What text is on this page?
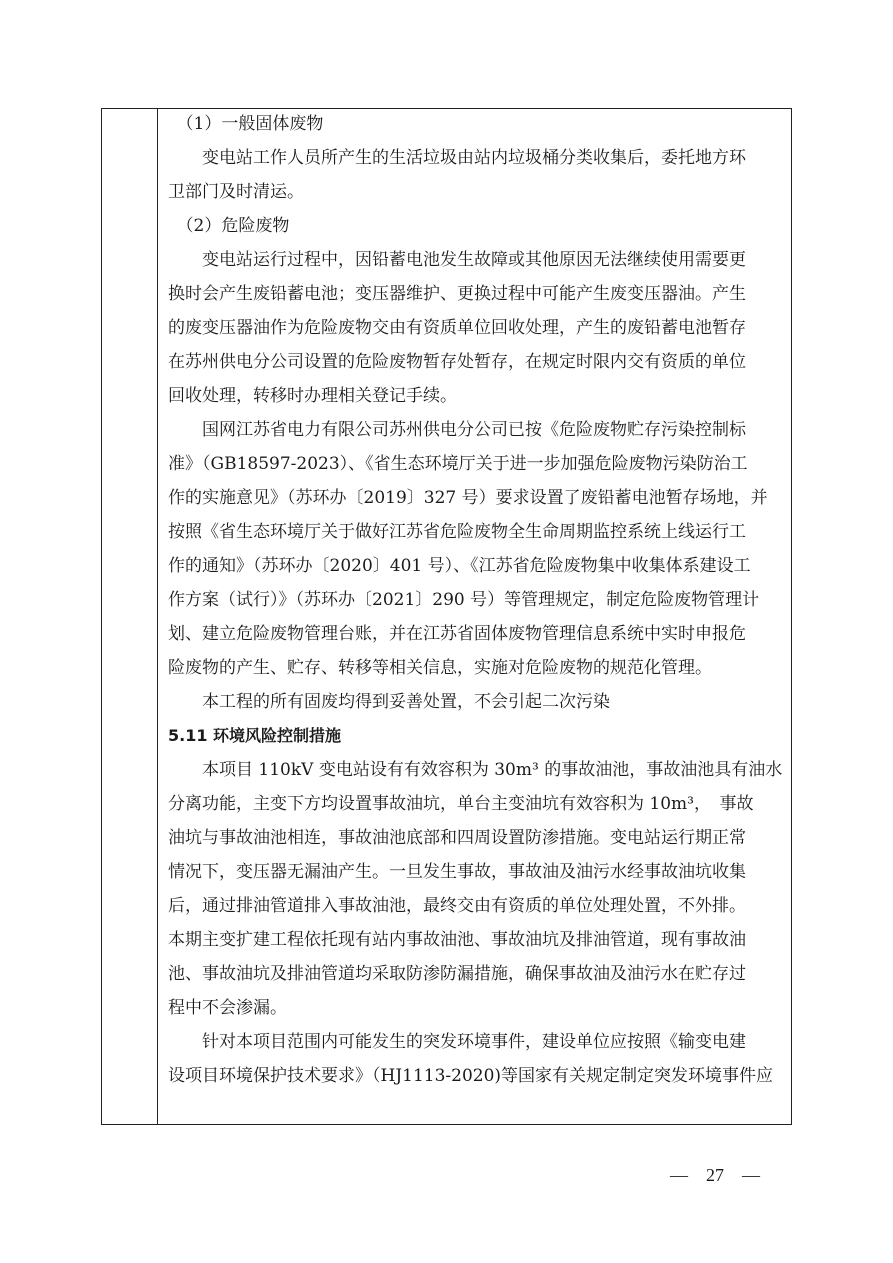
　（1）一般固体废物
　　变电站工作人员所产生的生活垃圾由站内垃圾桶分类收集后，委托地方环
卫部门及时清运。
　（2）危险废物
　　变电站运行过程中，因铅蓄电池发生故障或其他原因无法继续使用需要更
换时会产生废铅蓄电池；变压器维护、更换过程中可能产生废变压器油。产生
的废变压器油作为危险废物交由有资质单位回收处理，产生的废铅蓄电池暂存
在苏州供电分公司设置的危险废物暂存处暂存，在规定时限内交有资质的单位
回收处理，转移时办理相关登记手续。
　　国网江苏省电力有限公司苏州供电分公司已按《危险废物贮存污染控制标
准》（GB18597-2023）、《省生态环境厅关于进一步加强危险废物污染防治工
作的实施意见》（苏环办〔2019〕327 号）要求设置了废铅蓄电池暂存场地，并
按照《省生态环境厅关于做好江苏省危险废物全生命周期监控系统上线运行工
作的通知》（苏环办〔2020〕401 号）、《江苏省危险废物集中收集体系建设工
作方案（试行）》（苏环办〔2021〕290 号）等管理规定，制定危险废物管理计
划、建立危险废物管理台账，并在江苏省固体废物管理信息系统中实时申报危
险废物的产生、贮存、转移等相关信息，实施对危险废物的规范化管理。
　　本工程的所有固废均得到妥善处置，不会引起二次污染
5.11 环境风险控制措施
　　本项目 110kV 变电站设有有效容积为 30m³ 的事故油池，事故油池具有油水
分离功能，主变下方均设置事故油坑，单台主变油坑有效容积为 10m³，　事故
油坑与事故油池相连，事故油池底部和四周设置防渗措施。变电站运行期正常
情况下，变压器无漏油产生。一旦发生事故，事故油及油污水经事故油坑收集
后，通过排油管道排入事故油池，最终交由有资质的单位处理处置，不外排。
本期主变扩建工程依托现有站内事故油池、事故油坑及排油管道，现有事故油
池、事故油坑及排油管道均采取防渗防漏措施，确保事故油及油污水在贮存过
程中不会渗漏。
　　针对本项目范围内可能发生的突发环境事件，建设单位应按照《输变电建
设项目环境保护技术要求》（HJ1113-2020)等国家有关规定制定突发环境事件应
—　27　—
